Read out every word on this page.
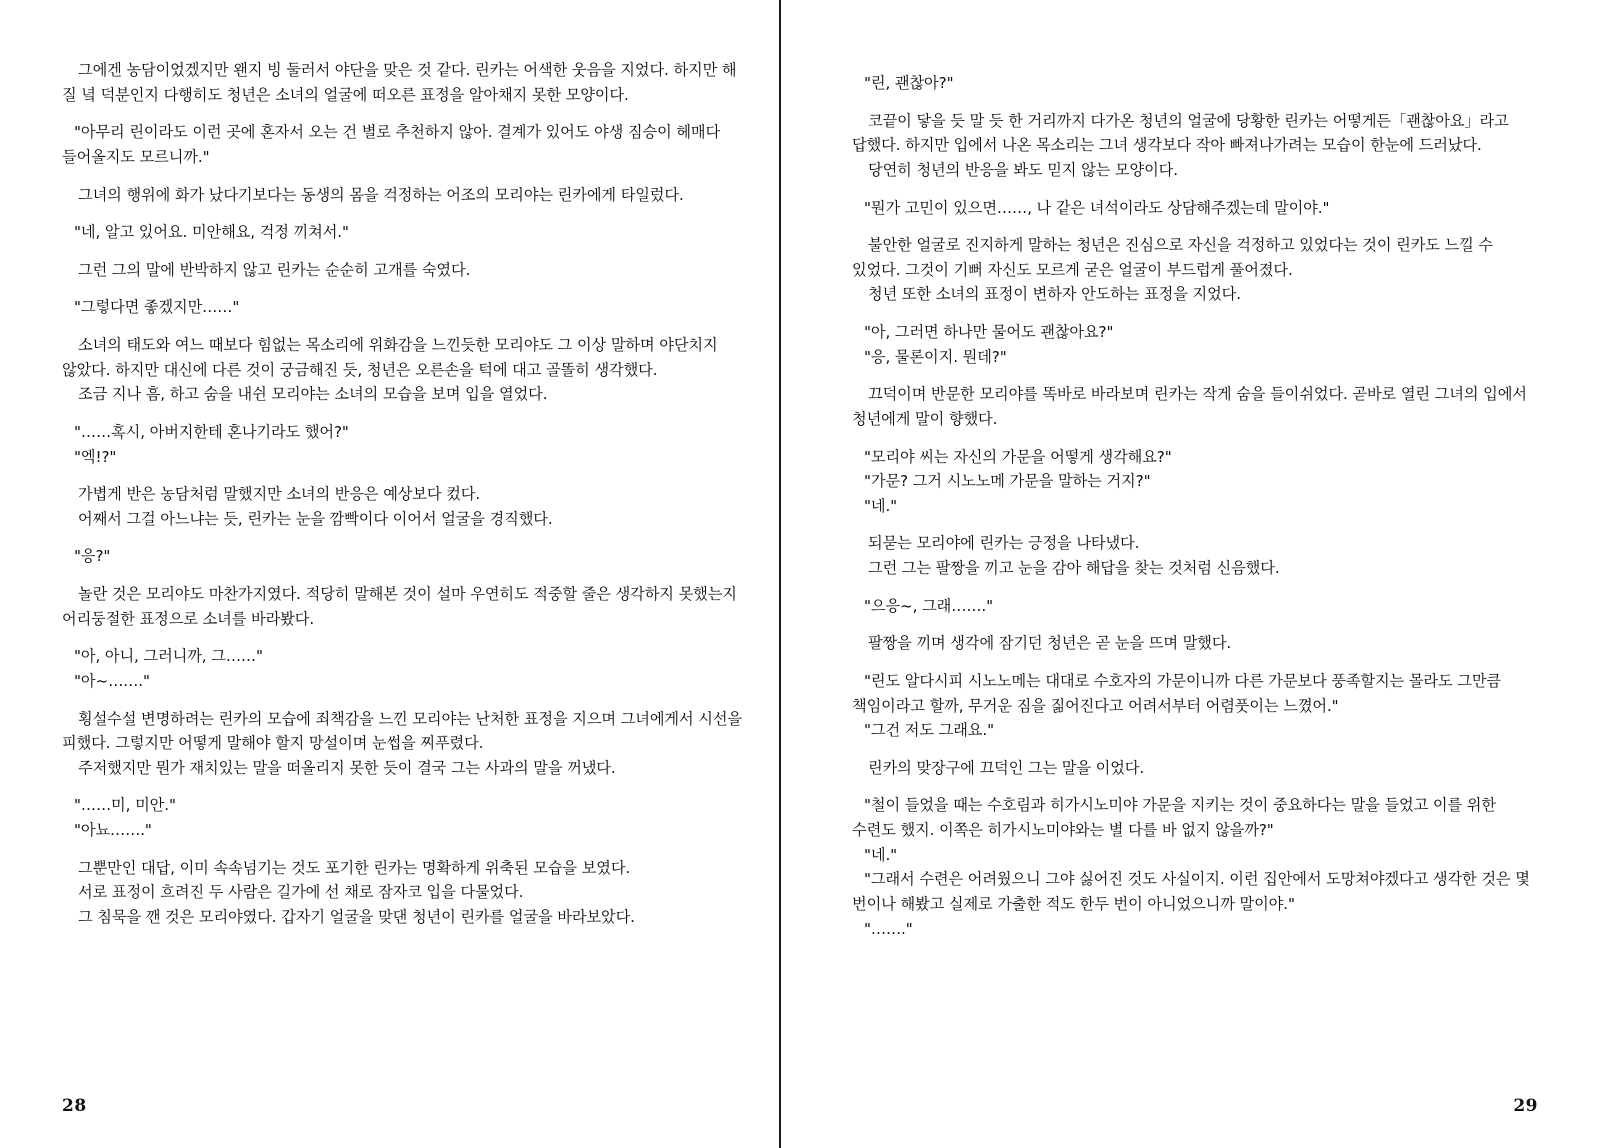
그에겐 농담이었겠지만 왠지 빙 둘러서 야단을 맞은 것 같다. 린카는 어색한 웃음을 지었다. 하지만 해 질 녘 덕분인지 다행히도 청년은 소녀의 얼굴에 떠오른 표정을 알아채지 못한 모양이다.

"아무리 린이라도 이런 곳에 혼자서 오는 건 별로 추천하지 않아. 결계가 있어도 야생 짐승이 헤매다 들어올지도 모르니까."

그녀의 행위에 화가 났다기보다는 동생의 몸을 걱정하는 어조의 모리야는 린카에게 타일렀다.

"네, 알고 있어요. 미안해요, 걱정 끼쳐서."

그런 그의 말에 반박하지 않고 린카는 순순히 고개를 숙였다.

"그렇다면 좋겠지만……"

소녀의 태도와 여느 때보다 힘없는 목소리에 위화감을 느낀듯한 모리야도 그 이상 말하며 야단치지 않았다. 하지만 대신에 다른 것이 궁금해진 듯, 청년은 오른손을 턱에 대고 골똘히 생각했다.

조금 지나 흠, 하고 숨을 내쉰 모리야는 소녀의 모습을 보며 입을 열었다.

"……혹시, 아버지한테 혼나기라도 했어?"

"엑!?"

가볍게 반은 농담처럼 말했지만 소녀의 반응은 예상보다 컸다.

어째서 그걸 아느냐는 듯, 린카는 눈을 깜빡이다 이어서 얼굴을 경직했다.

"응?"

놀란 것은 모리야도 마찬가지였다. 적당히 말해본 것이 설마 우연히도 적중할 줄은 생각하지 못했는지 어리둥절한 표정으로 소녀를 바라봤다.

"아, 아니, 그러니까, 그……"

"아~……."

횡설수설 변명하려는 린카의 모습에 죄책감을 느낀 모리야는 난처한 표정을 지으며 그녀에게서 시선을 피했다. 그렇지만 어떻게 말해야 할지 망설이며 눈썹을 찌푸렸다.

주저했지만 뭔가 재치있는 말을 떠올리지 못한 듯이 결국 그는 사과의 말을 꺼냈다.

"……미, 미안."

"아뇨……."

그뿐만인 대답, 이미 속속넘기는 것도 포기한 린카는 명확하게 위축된 모습을 보였다.

서로 표정이 흐려진 두 사람은 길가에 선 채로 잠자코 입을 다물었다.

그 침묵을 깬 것은 모리야였다. 갑자기 얼굴을 맞댄 청년이 린카를 얼굴을 바라보았다.

28

"린, 괜찮아?"

코끝이 닿을 듯 말 듯 한 거리까지 다가온 청년의 얼굴에 당황한 린카는 어떻게든「괜찮아요」라고 답했다. 하지만 입에서 나온 목소리는 그녀 생각보다 작아 빠져나가려는 모습이 한눈에 드러났다.

당연히 청년의 반응을 봐도 믿지 않는 모양이다.

"뭔가 고민이 있으면……, 나 같은 녀석이라도 상담해주겠는데 말이야."

불안한 얼굴로 진지하게 말하는 청년은 진심으로 자신을 걱정하고 있었다는 것이 린카도 느낄 수 있었다. 그것이 기뻐 자신도 모르게 굳은 얼굴이 부드럽게 풀어졌다.

청년 또한 소녀의 표정이 변하자 안도하는 표정을 지었다.

"아, 그러면 하나만 물어도 괜찮아요?"

"응, 물론이지. 뭔데?"

끄덕이며 반문한 모리야를 똑바로 바라보며 린카는 작게 숨을 들이쉬었다. 곧바로 열린 그녀의 입에서 청년에게 말이 향했다.

"모리야 씨는 자신의 가문을 어떻게 생각해요?"

"가문? 그거 시노노메 가문을 말하는 거지?"

"네."

되묻는 모리야에 린카는 긍정을 나타냈다.

그런 그는 팔짱을 끼고 눈을 감아 해답을 찾는 것처럼 신음했다.

"으응~, 그래……."

팔짱을 끼며 생각에 잠기던 청년은 곧 눈을 뜨며 말했다.

"린도 알다시피 시노노메는 대대로 수호자의 가문이니까 다른 가문보다 풍족할지는 몰라도 그만큼 책임이라고 할까, 무거운 짐을 짊어진다고 어려서부터 어렴풋이는 느꼈어."

"그건 저도 그래요."

린카의 맞장구에 끄덕인 그는 말을 이었다.

"철이 들었을 때는 수호림과 히가시노미야 가문을 지키는 것이 중요하다는 말을 들었고 이를 위한 수련도 했지. 이쪽은 히가시노미야와는 별 다를 바 없지 않을까?"

"네."

"그래서 수련은 어려웠으니 그야 싫어진 것도 사실이지. 이런 집안에서 도망쳐야겠다고 생각한 것은 몇 번이나 해봤고 실제로 가출한 적도 한두 번이 아니었으니까 말이야."

"……."

29
